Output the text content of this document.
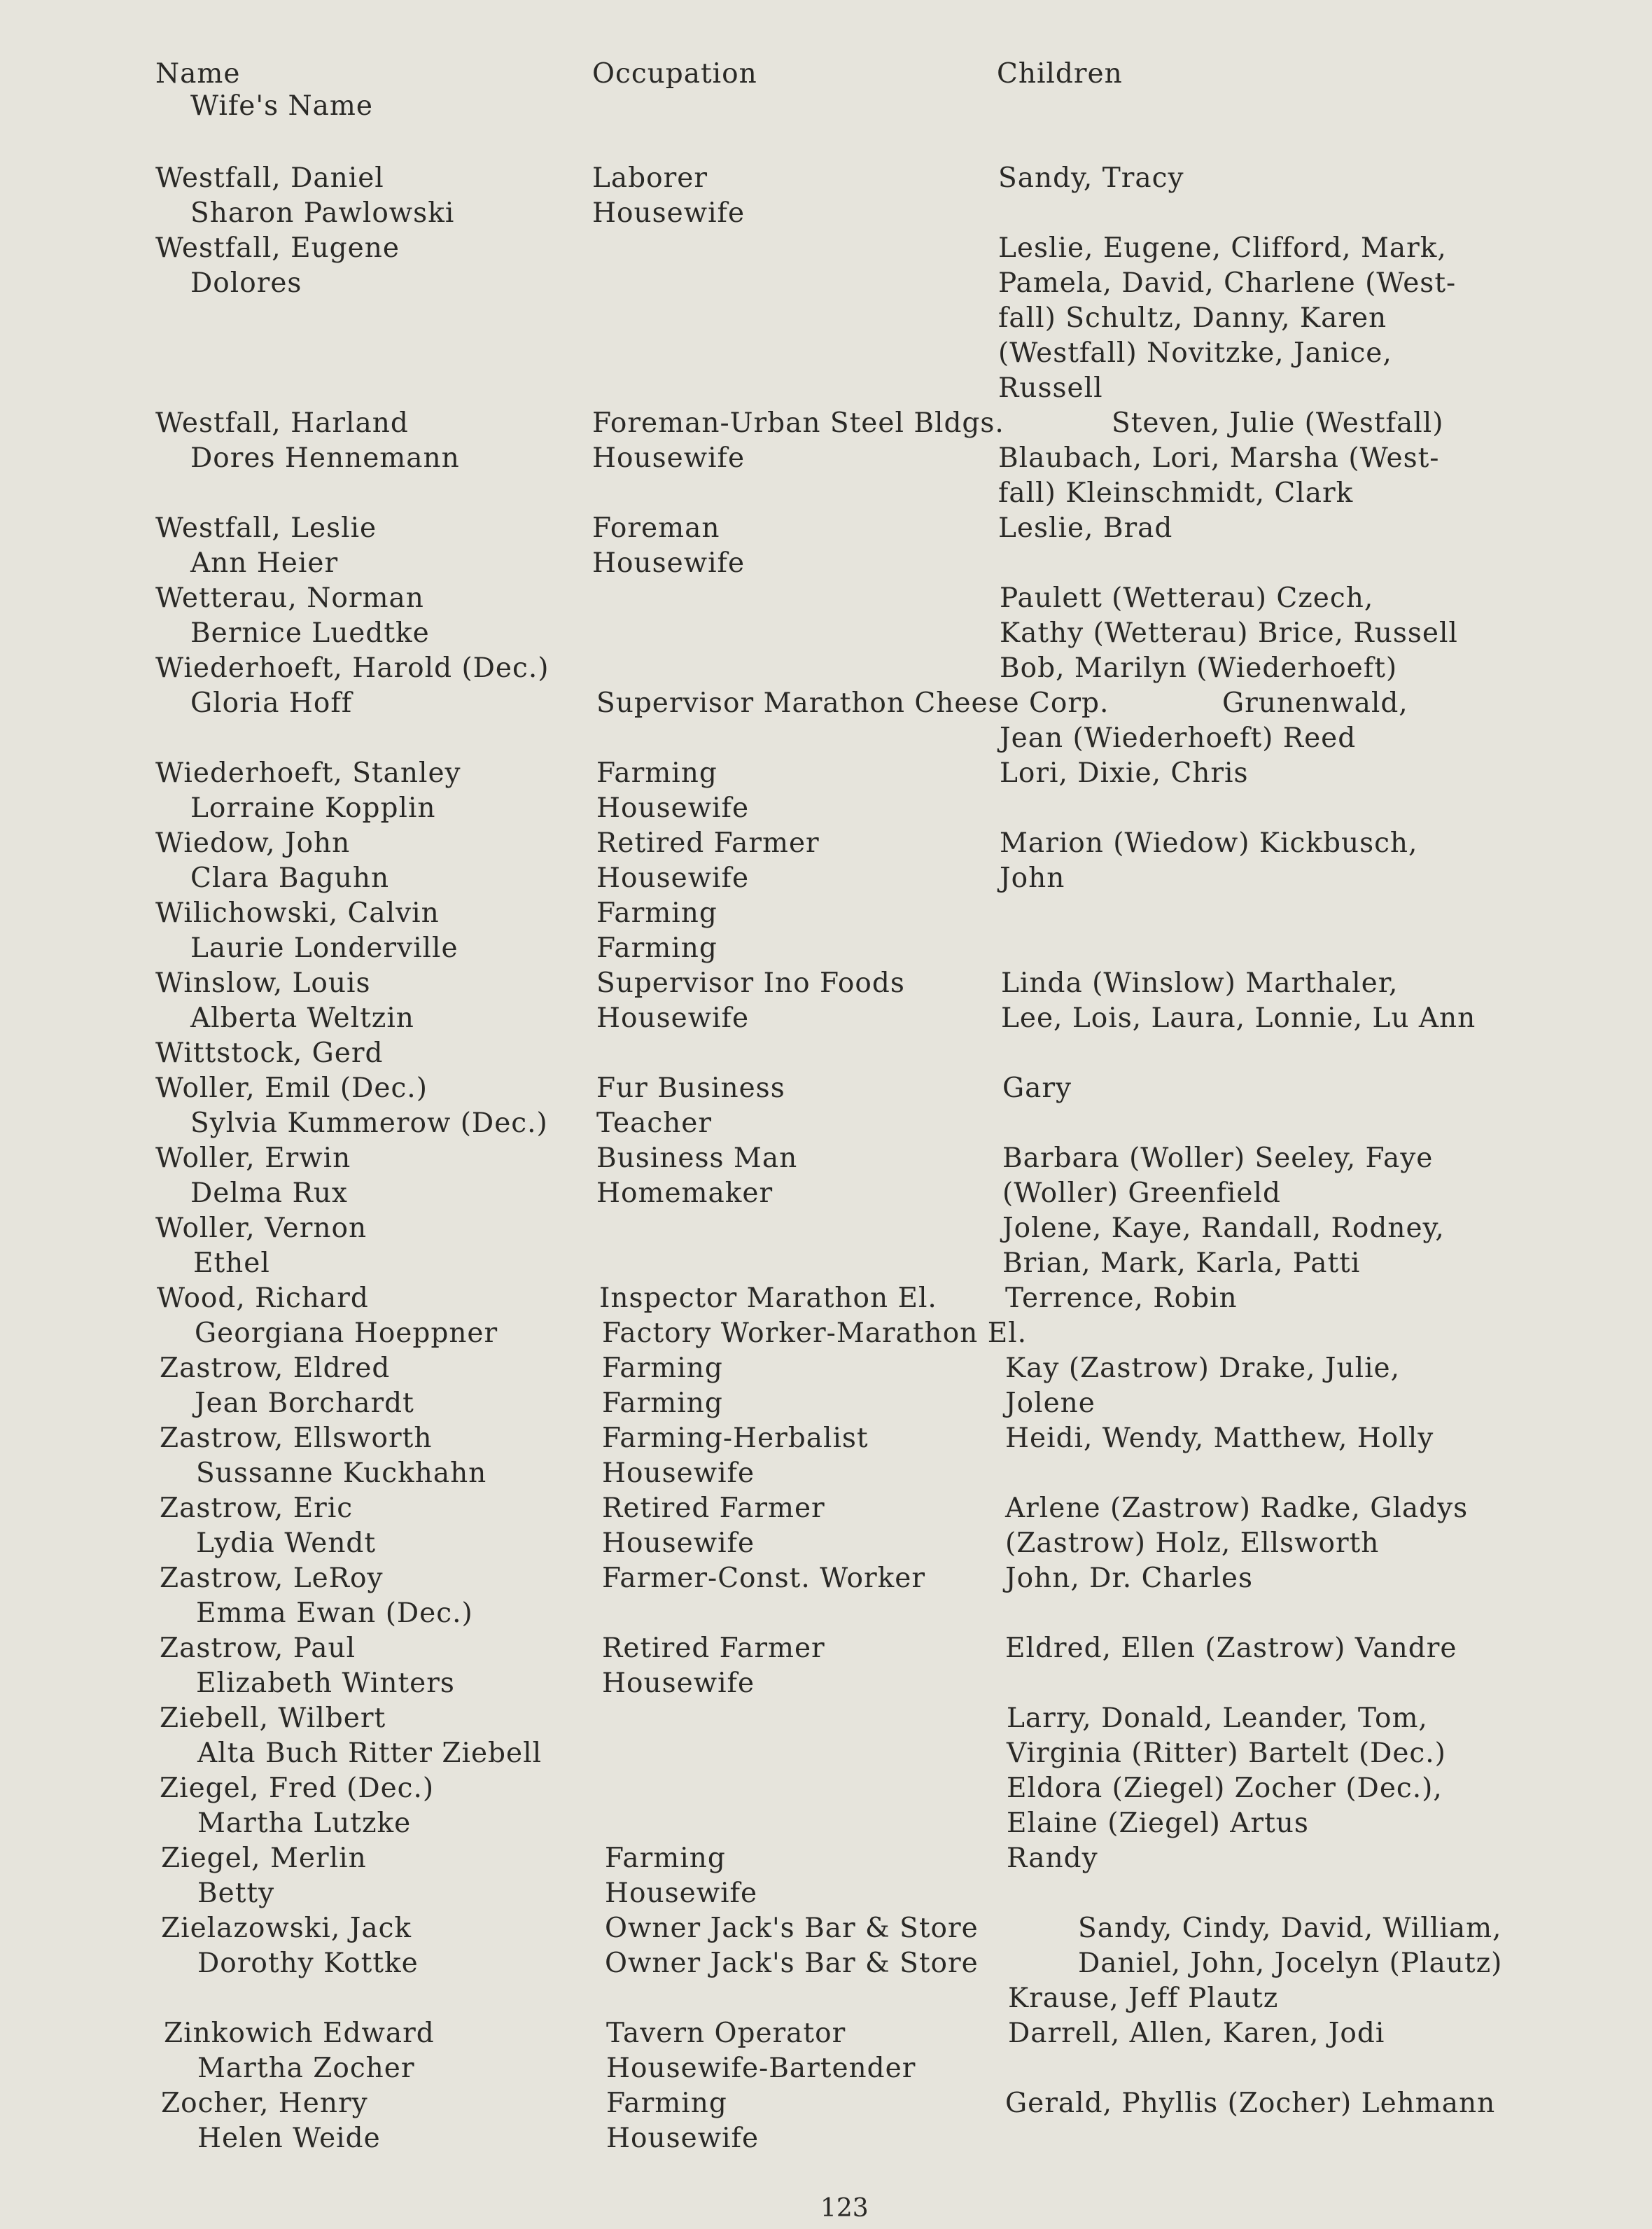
Name
Wife's Name
Occupation	Children
Westfall, Daniel
Sharon Pawlowski
Westfall, Eugene
Dolores
Westfall, Harland
Dores Hennemann
Westfall, Leslie
Ann Heier
Wetterau, Norman
Bernice Luedtke
Wiederhoeft, Harold (Dec.)
Gloria Hoff
Wiederhoeft, Stanley
Lorraine Kopplin
Wiedow, John
Clara Baguhn
Wilichowski, Calvin
Laurie Londerville
Winslow, Louis
Alberta Weltzin
Wittstock, Gerd
Woller, Emil (Dec.)
Sylvia Kummerow (Dec.)
Woller, Erwin
Delma Rux
Woller, Vernon
Ethel
Wood, Richard
Georgiana Hoeppner
Zastrow, Eldred
Jean Borchardt
Zastrow, Ellsworth
Sussanne Kuckhahn
Zastrow, Eric
Lydia Wendt
Zastrow, LeRoy
Emma Ewan (Dec.)
Zastrow, Paul
Elizabeth Winters
Ziebell, Wilbert
Alta Buch Ritter Ziebell
Ziegel, Fred (Dec.)
Martha Lutzke
Ziegel, Merlin
Betty
Zielazowski, Jack
Dorothy Kottke
Zinkowich Edward
Martha Zocher
Zocher, Henry
Helen Weide
Laborer
Housewife
Foreman-Urban Steel Bldgs.
Housewife
Foreman
Housewife
Supervisor Marathon Cheese Corp.
Farming
Housewife
Retired Farmer
Housewife
Farming
Farming
Supervisor Ino Foods
Housewife
Fur Business
Teacher
Business Man
Homemaker
Inspector Marathon El.
Factory Worker-Marathon El.
Farming
Farming
Farming-Herbalist
Housewife
Retired Farmer
Housewife
Farmer-Const. Worker
Retired Farmer
Housewife
Farming
Housewife
Owner Jack's Bar & Store
Owner Jack's Bar & Store
Tavern Operator
Housewife-Bartender
Farming
Housewife
Sandy, Tracy
Leslie, Eugene, Clifford, Mark,
Pamela, David, Charlene (West-
fall) Schultz, Danny, Karen
(Westfall) Novitzke, Janice,
Russell
Steven, Julie (Westfall)
Blaubach, Lori, Marsha (West-
fall) Kleinschmidt, Clark
Leslie, Brad
Paulett (Wetterau) Czech,
Kathy (Wetterau) Brice, Russell
Bob, Marilyn (Wiederhoeft)
Grunenwald,
Jean (Wiederhoeft) Reed
Lori, Dixie, Chris
Marion (Wiedow) Kickbusch,
John
Linda (Winslow) Marthaler,
Lee, Lois, Laura, Lonnie, Lu Ann
Gary
Barbara (Woller) Seeley, Faye
(Woller) Greenfield
Jolene, Kaye, Randall, Rodney,
Brian, Mark, Karla, Patti
Terrence, Robin
Kay (Zastrow) Drake, Julie,
Jolene
Heidi, Wendy, Matthew, Holly
Arlene (Zastrow) Radke, Gladys
(Zastrow) Holz, Ellsworth
John, Dr. Charles
Eldred, Ellen (Zastrow) Vandre
Larry, Donald, Leander, Tom,
Virginia (Ritter) Bartelt (Dec.)
Eldora (Ziegel) Zocher (Dec.),
Elaine (Ziegel) Artus
Randy
Sandy, Cindy, David, William,
Daniel, John, Jocelyn (Plautz)
Krause, Jeff Plautz
Darrell, Allen, Karen, Jodi
Gerald, Phyllis (Zocher) Lehmann
123
